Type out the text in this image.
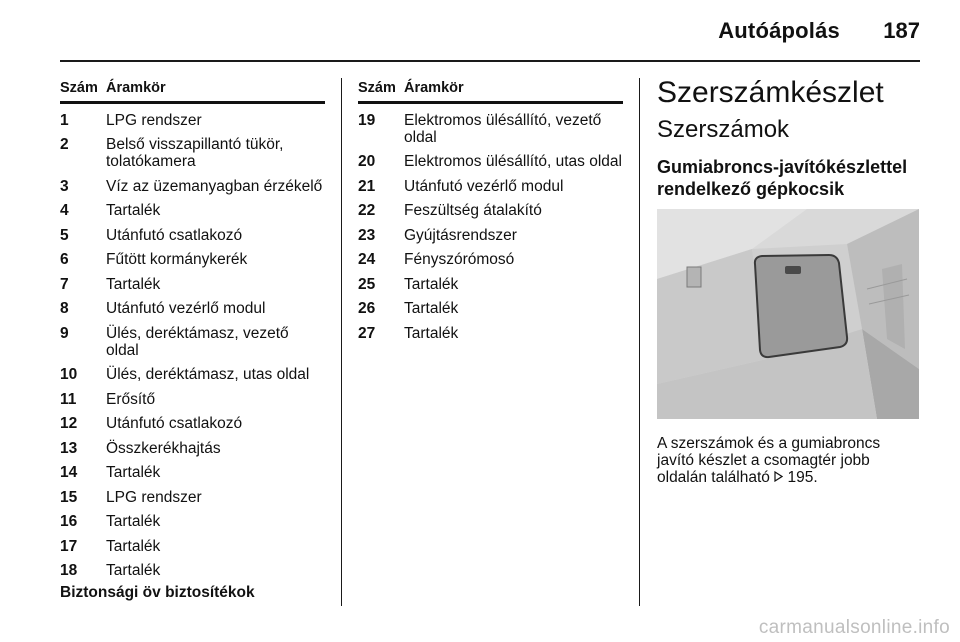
Autóápolás	187
Szám Áramkör
1	LPG rendszer
2	Belső visszapillantó tükör, tolatókamera
3	Víz az üzemanyagban érzékelő
4	Tartalék
5	Utánfutó csatlakozó
6	Fűtött kormánykerék
7	Tartalék
8	Utánfutó vezérlő modul
9	Ülés, deréktámasz, vezető oldal
10	Ülés, deréktámasz, utas oldal
11	Erősítő
12	Utánfutó csatlakozó
13	Összkerékhajtás
14	Tartalék
15	LPG rendszer
16	Tartalék
17	Tartalék
18	Tartalék
Biztonsági öv biztosítékok
Szám Áramkör
19	Elektromos ülésállító, vezető oldal
20	Elektromos ülésállító, utas oldal
21	Utánfutó vezérlő modul
22	Feszültség átalakító
23	Gyújtásrendszer
24	Fényszórómosó
25	Tartalék
26	Tartalék
27	Tartalék
Szerszámkészlet
Szerszámok
Gumiabroncs-javítókészlettel rendelkező gépkocsik
A szerszámok és a gumiabroncs javító készlet a csomagtér jobb oldalán található 195.
carmanualsonline.info
